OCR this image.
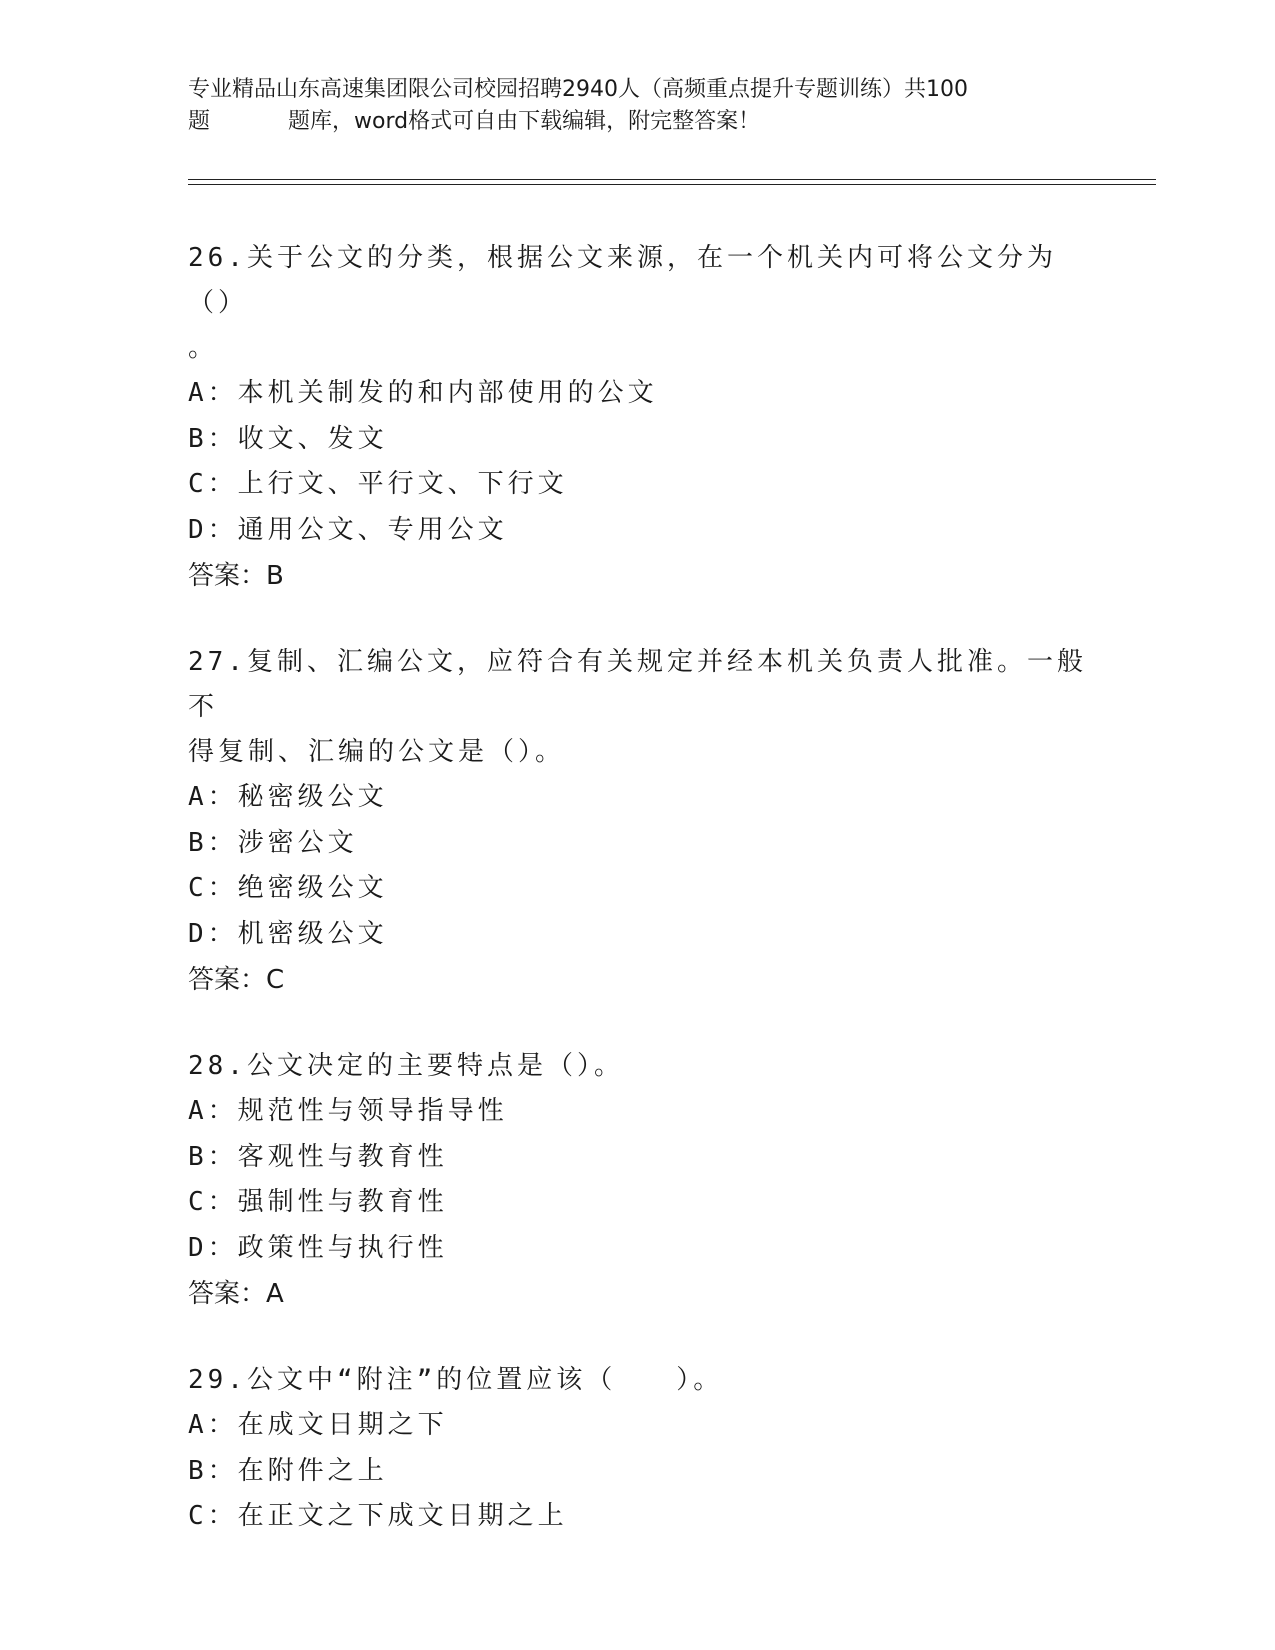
专业精品山东高速集团限公司校园招聘2940人（高频重点提升专题训练）共100
题	题库，word格式可自由下载编辑，附完整答案！
26.关于公文的分类，根据公文来源，在一个机关内可将公文分为（）
。
A：本机关制发的和内部使用的公文
B：收文、发文
C：上行文、平行文、下行文
D：通用公文、专用公文
答案：B
27.复制、汇编公文，应符合有关规定并经本机关负责人批准。一般不
得复制、汇编的公文是（）。
A：秘密级公文
B：涉密公文
C：绝密级公文
D：机密级公文
答案：C
28.公文决定的主要特点是（）。
A：规范性与领导指导性
B：客观性与教育性
C：强制性与教育性
D：政策性与执行性
答案：A
29.公文中“附注”的位置应该（　　）。
A：在成文日期之下
B：在附件之上
C：在正文之下成文日期之上
